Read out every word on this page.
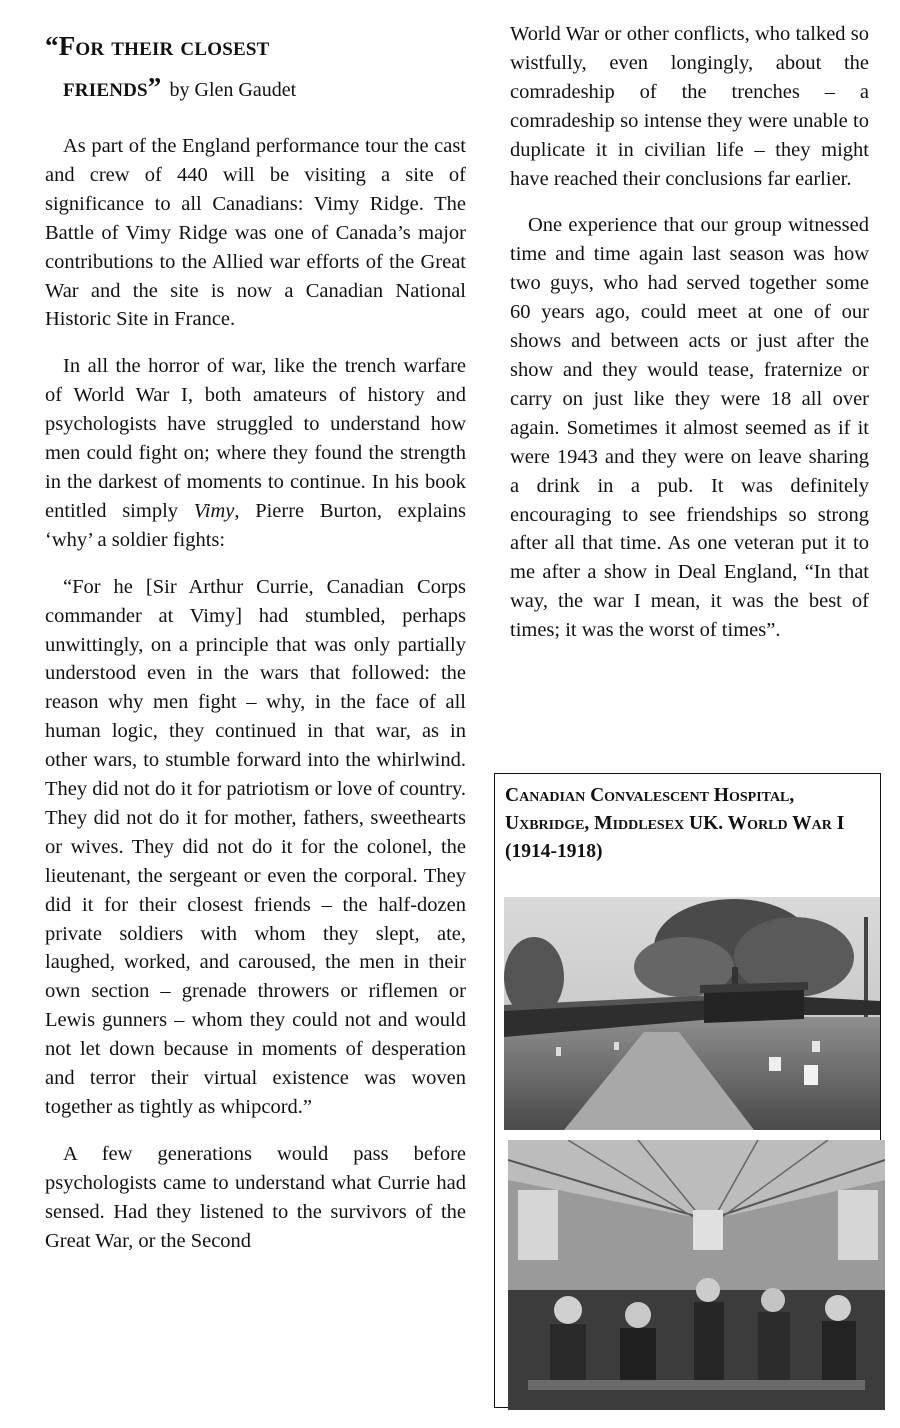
“For their closest
friends” by Glen Gaudet

As part of the England performance tour the cast and crew of 440 will be visiting a site of significance to all Canadians: Vimy Ridge. The Battle of Vimy Ridge was one of Canada’s major contributions to the Allied war efforts of the Great War and the site is now a Canadian National Historic Site in France.

In all the horror of war, like the trench warfare of World War I, both amateurs of history and psychologists have struggled to understand how men could fight on; where they found the strength in the darkest of moments to continue. In his book entitled simply Vimy, Pierre Burton, explains ‘why’ a soldier fights:

“For he [Sir Arthur Currie, Canadian Corps commander at Vimy] had stumbled, perhaps unwittingly, on a principle that was only partially understood even in the wars that followed: the reason why men fight – why, in the face of all human logic, they continued in that war, as in other wars, to stumble forward into the whirlwind. They did not do it for patriotism or love of country. They did not do it for mother, fathers, sweethearts or wives. They did not do it for the colonel, the lieutenant, the sergeant or even the corporal. They did it for their closest friends – the half-dozen private soldiers with whom they slept, ate, laughed, worked, and caroused, the men in their own section – grenade throwers or riflemen or Lewis gunners – whom they could not and would not let down because in moments of desperation and terror their virtual existence was woven together as tightly as whipcord.”

A few generations would pass before psychologists came to understand what Currie had sensed. Had they listened to the survivors of the Great War, or the Second

World War or other conflicts, who talked so wistfully, even longingly, about the comradeship of the trenches – a comradeship so intense they were unable to duplicate it in civilian life – they might have reached their conclusions far earlier.

One experience that our group witnessed time and time again last season was how two guys, who had served together some 60 years ago, could meet at one of our shows and between acts or just after the show and they would tease, fraternize or carry on just like they were 18 all over again. Sometimes it almost seemed as if it were 1943 and they were on leave sharing a drink in a pub. It was definitely encouraging to see friendships so strong after all that time. As one veteran put it to me after a show in Deal England, “In that way, the war I mean, it was the best of times; it was the worst of times”.

Canadian Convalescent Hospital, Uxbridge, Middlesex UK. World War I (1914-1918)
